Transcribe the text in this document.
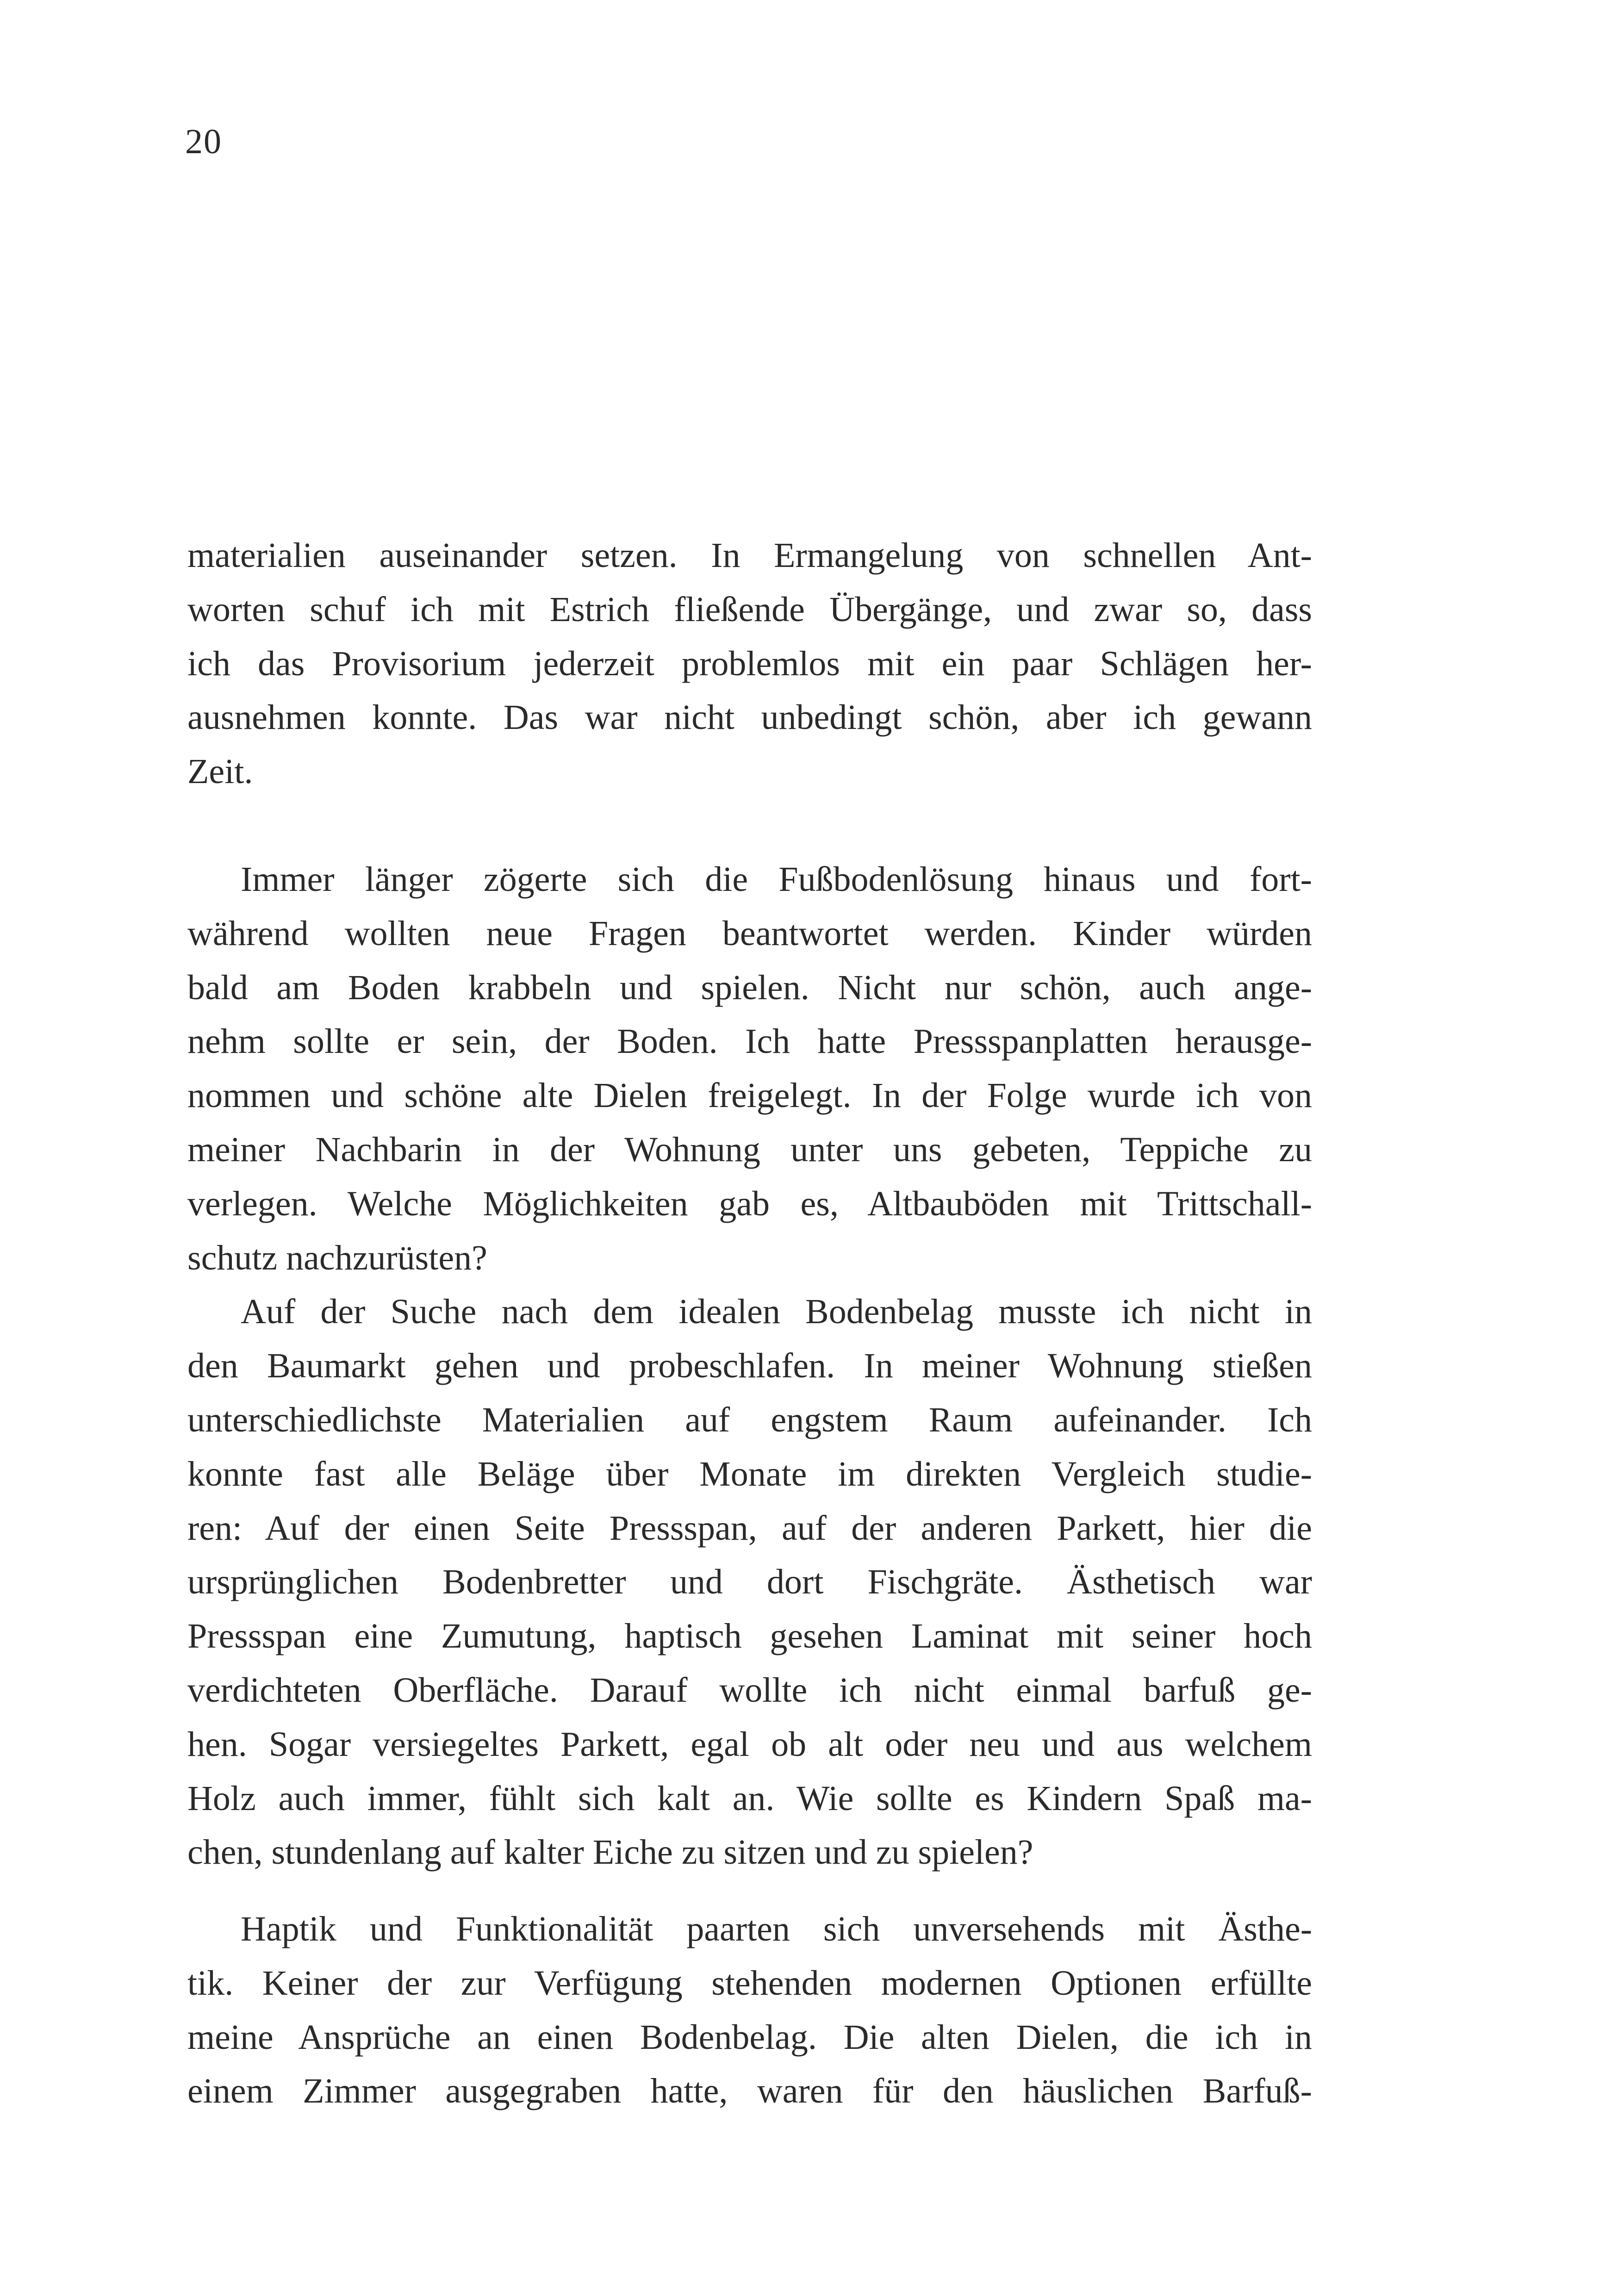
20
materialien auseinander setzen. In Ermangelung von schnellen Ant-
worten schuf ich mit Estrich fließende Übergänge, und zwar so, dass
ich das Provisorium jederzeit problemlos mit ein paar Schlägen her-
ausnehmen konnte. Das war nicht unbedingt schön, aber ich gewann
Zeit.
Immer länger zögerte sich die Fußbodenlösung hinaus und fort-
während wollten neue Fragen beantwortet werden. Kinder würden
bald am Boden krabbeln und spielen. Nicht nur schön, auch ange-
nehm sollte er sein, der Boden. Ich hatte Pressspanplatten herausge-
nommen und schöne alte Dielen freigelegt. In der Folge wurde ich von
meiner Nachbarin in der Wohnung unter uns gebeten, Teppiche zu
verlegen. Welche Möglichkeiten gab es, Altbauböden mit Trittschall-
schutz nachzurüsten?
Auf der Suche nach dem idealen Bodenbelag musste ich nicht in
den Baumarkt gehen und probeschlafen. In meiner Wohnung stießen
unterschiedlichste Materialien auf engstem Raum aufeinander. Ich
konnte fast alle Beläge über Monate im direkten Vergleich studie-
ren: Auf der einen Seite Pressspan, auf der anderen Parkett, hier die
ursprünglichen Bodenbretter und dort Fischgräte. Ästhetisch war
Pressspan eine Zumutung, haptisch gesehen Laminat mit seiner hoch
verdichteten Oberfläche. Darauf wollte ich nicht einmal barfuß ge-
hen. Sogar versiegeltes Parkett, egal ob alt oder neu und aus welchem
Holz auch immer, fühlt sich kalt an. Wie sollte es Kindern Spaß ma-
chen, stundenlang auf kalter Eiche zu sitzen und zu spielen?
Haptik und Funktionalität paarten sich unversehends mit Ästhe-
tik. Keiner der zur Verfügung stehenden modernen Optionen erfüllte
meine Ansprüche an einen Bodenbelag. Die alten Dielen, die ich in
einem Zimmer ausgegraben hatte, waren für den häuslichen Barfuß-
